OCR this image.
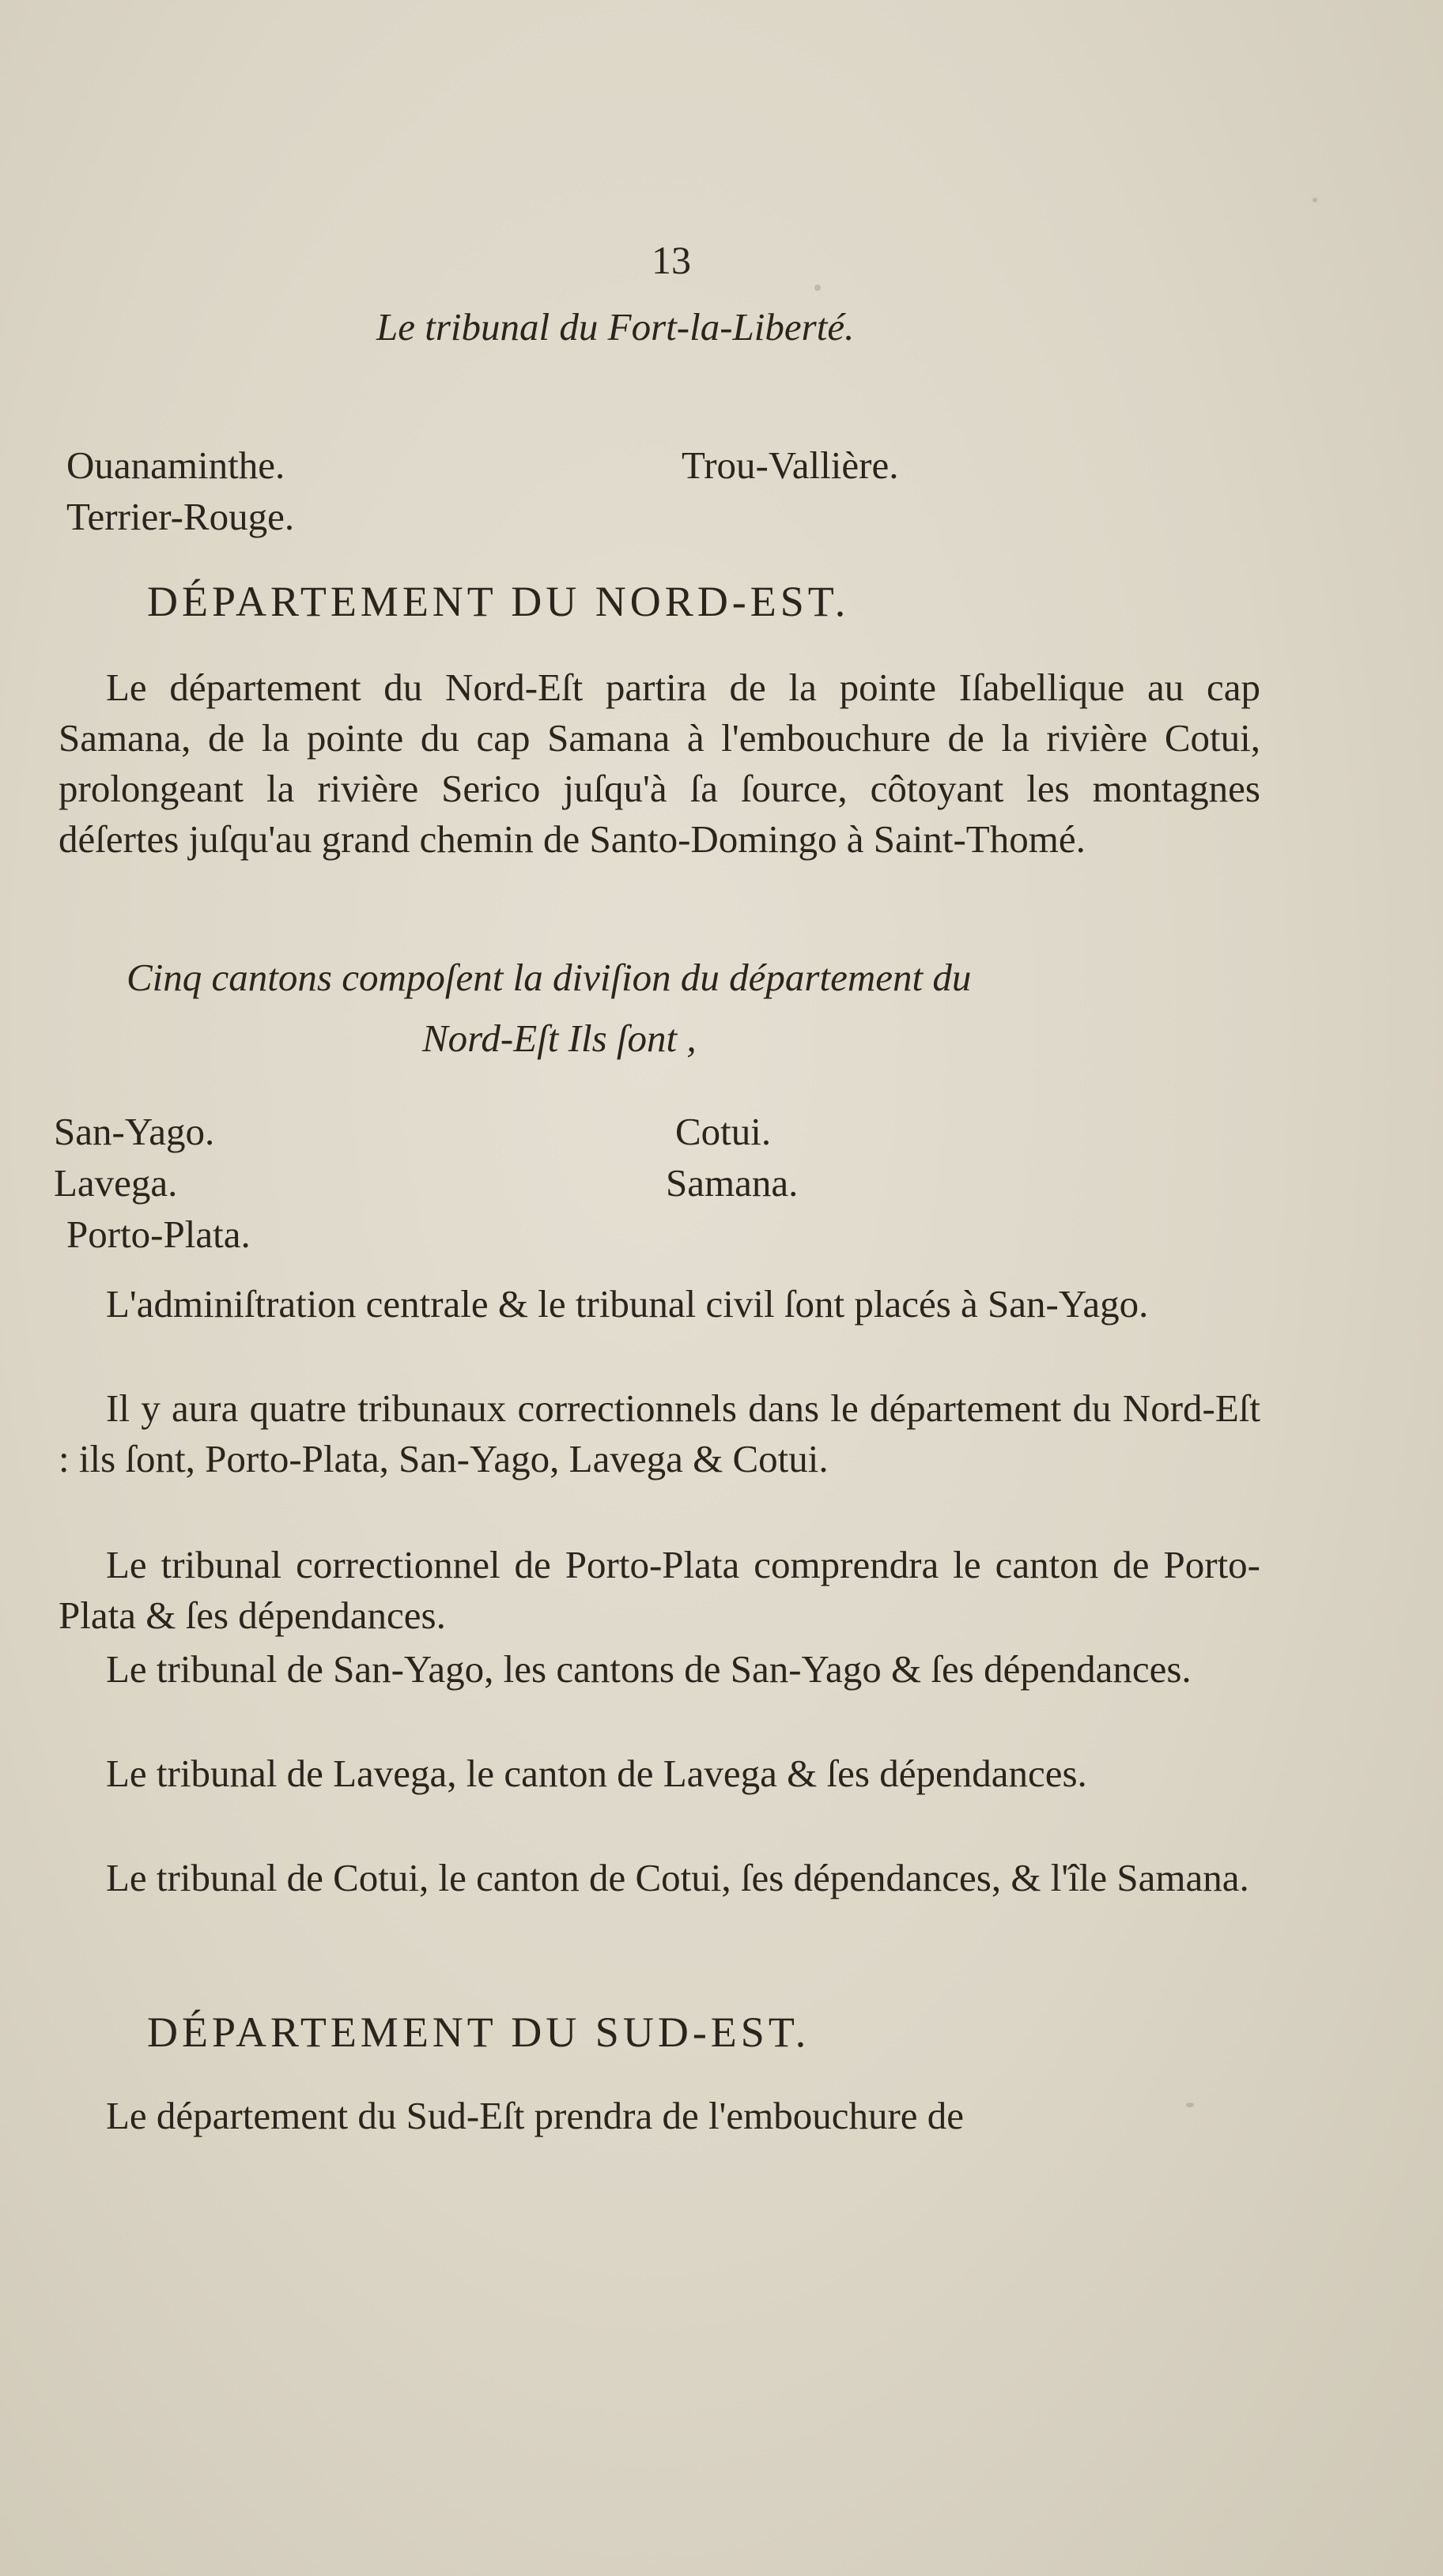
13
Le tribunal du Fort-la-Liberté.
Ouanaminthe.
Terrier-Rouge.
Trou-Vallière.
DÉPARTEMENT DU NORD-EST.
Le département du Nord-Eſt partira de la pointe Iſabellique au cap Samana, de la pointe du cap Samana à l'embouchure de la rivière Cotui, prolongeant la rivière Serico juſqu'à ſa ſource, côtoyant les montagnes déſertes juſqu'au grand chemin de Santo-Domingo à Saint-Thomé.
Cinq cantons compoſent la diviſion du département du
Nord-Eſt Ils ſont ,
San-Yago.
Lavega.
Porto-Plata.
Cotui.
Samana.
L'adminiſtration centrale & le tribunal civil ſont placés à San-Yago.
Il y aura quatre tribunaux correctionnels dans le département du Nord-Eſt : ils ſont, Porto-Plata, San-Yago, Lavega & Cotui.
Le tribunal correctionnel de Porto-Plata comprendra le canton de Porto-Plata & ſes dépendances.
Le tribunal de San-Yago, les cantons de San-Yago & ſes dépendances.
Le tribunal de Lavega, le canton de Lavega & ſes dépendances.
Le tribunal de Cotui, le canton de Cotui, ſes dépendances, & l'île Samana.
DÉPARTEMENT DU SUD-EST.
Le département du Sud-Eſt prendra de l'embouchure de
